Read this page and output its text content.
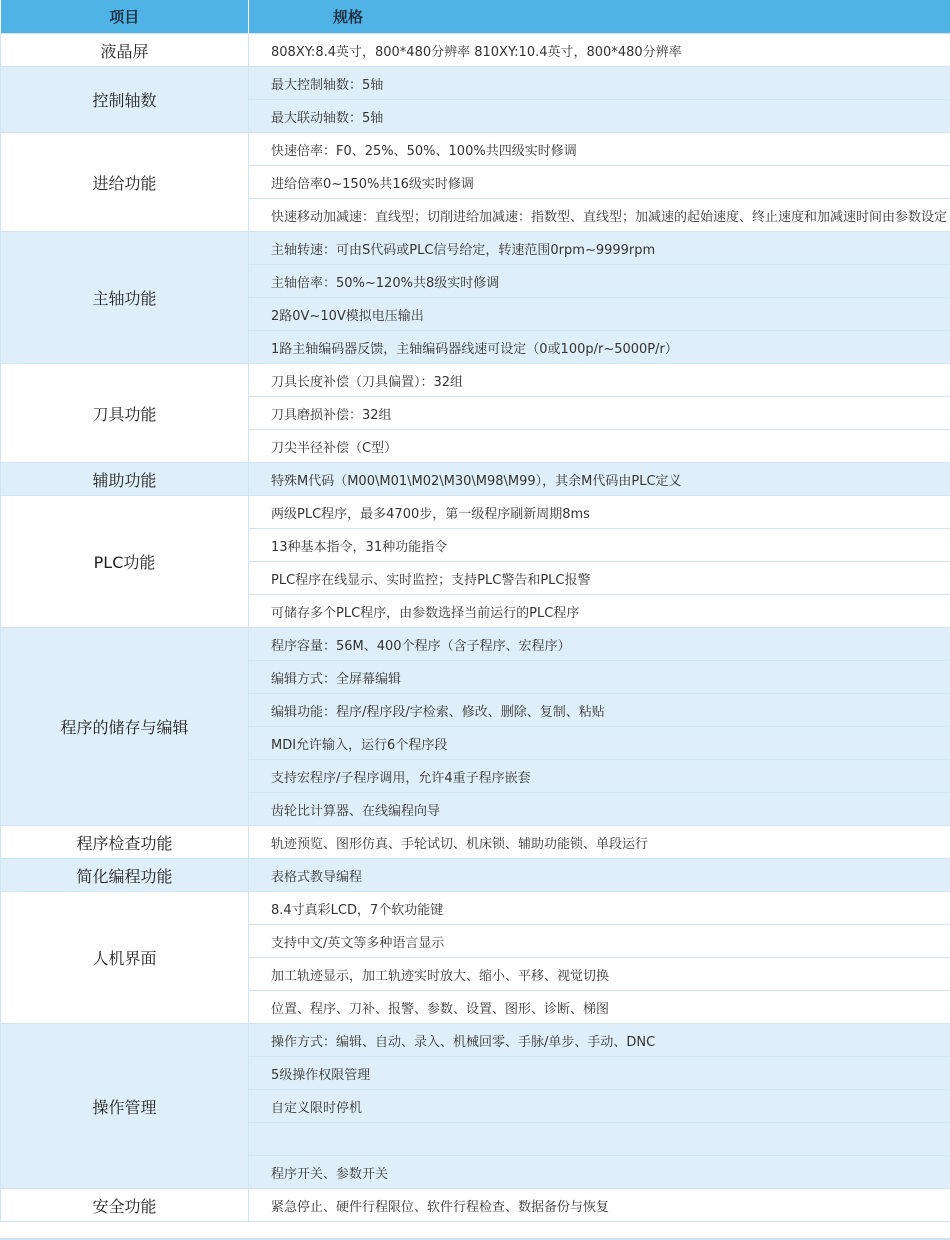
项目	规格
液晶屏	808XY:8.4英寸，800*480分辨率 810XY:10.4英寸，800*480分辨率
控制轴数	最大控制轴数：5轴
	最大联动轴数：5轴
进给功能	快速倍率：F0、25%、50%、100%共四级实时修调
	进给倍率0~150%共16级实时修调
	快速移动加减速：直线型；切削进给加减速：指数型、直线型；加减速的起始速度、终止速度和加减速时间由参数设定
主轴功能	主轴转速：可由S代码或PLC信号给定，转速范围0rpm~9999rpm
	主轴倍率：50%~120%共8级实时修调
	2路0V~10V模拟电压输出
	1路主轴编码器反馈，主轴编码器线速可设定（0或100p/r~5000P/r）
刀具功能	刀具长度补偿（刀具偏置）：32组
	刀具磨损补偿：32组
	刀尖半径补偿（C型）
辅助功能	特殊M代码（M00\M01\M02\M30\M98\M99），其余M代码由PLC定义
PLC功能	两级PLC程序，最多4700步，第一级程序刷新周期8ms
	13种基本指令，31种功能指令
	PLC程序在线显示、实时监控；支持PLC警告和PLC报警
	可储存多个PLC程序，由参数选择当前运行的PLC程序
程序的储存与编辑	程序容量：56M、400个程序（含子程序、宏程序）
	编辑方式：全屏幕编辑
	编辑功能：程序/程序段/字检索、修改、删除、复制、粘贴
	MDI允许输入，运行6个程序段
	支持宏程序/子程序调用，允许4重子程序嵌套
	齿轮比计算器、在线编程向导
程序检查功能	轨迹预览、图形仿真、手轮试切、机床锁、辅助功能锁、单段运行
简化编程功能	表格式教导编程
人机界面	8.4寸真彩LCD，7个软功能键
	支持中文/英文等多种语言显示
	加工轨迹显示，加工轨迹实时放大、缩小、平移、视觉切换
	位置、程序、刀补、报警、参数、设置、图形、诊断、梯图
操作管理	操作方式：编辑、自动、录入、机械回零、手脉/单步、手动、DNC
	5级操作权限管理
	自定义限时停机

	程序开关、参数开关
安全功能	紧急停止、硬件行程限位、软件行程检查、数据备份与恢复
